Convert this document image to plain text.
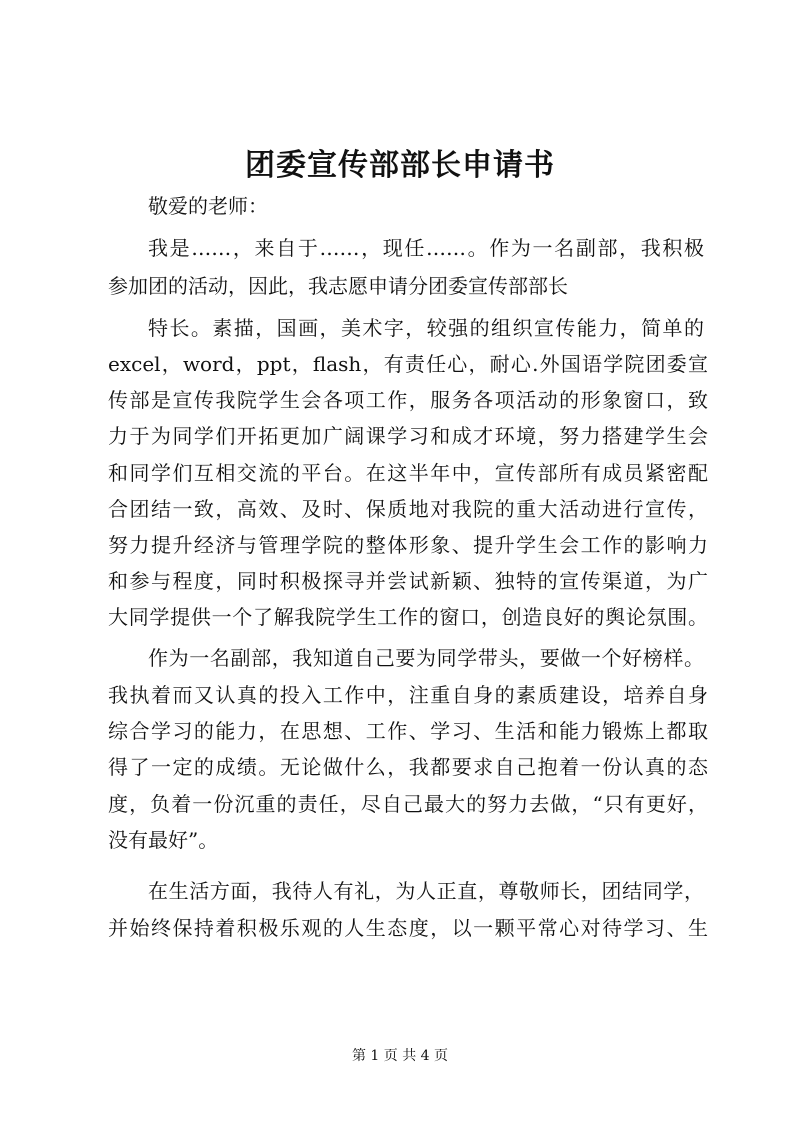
团委宣传部部长申请书
敬爱的老师：
我是……，来自于……，现任……。作为一名副部，我积极
参加团的活动，因此，我志愿申请分团委宣传部部长
特长。素描，国画，美术字，较强的组织宣传能力，简单的
excel，word，ppt，flash，有责任心，耐心.外国语学院团委宣
传部是宣传我院学生会各项工作，服务各项活动的形象窗口，致
力于为同学们开拓更加广阔课学习和成才环境，努力搭建学生会
和同学们互相交流的平台。在这半年中，宣传部所有成员紧密配
合团结一致，高效、及时、保质地对我院的重大活动进行宣传，
努力提升经济与管理学院的整体形象、提升学生会工作的影响力
和参与程度，同时积极探寻并尝试新颖、独特的宣传渠道，为广
大同学提供一个了解我院学生工作的窗口，创造良好的舆论氛围。
作为一名副部，我知道自己要为同学带头，要做一个好榜样。
我执着而又认真的投入工作中，注重自身的素质建设，培养自身
综合学习的能力，在思想、工作、学习、生活和能力锻炼上都取
得了一定的成绩。无论做什么，我都要求自己抱着一份认真的态
度，负着一份沉重的责任，尽自己最大的努力去做，“只有更好，
没有最好”。
在生活方面，我待人有礼，为人正直，尊敬师长，团结同学，
并始终保持着积极乐观的人生态度，以一颗平常心对待学习、生
第 1 页 共 4 页
